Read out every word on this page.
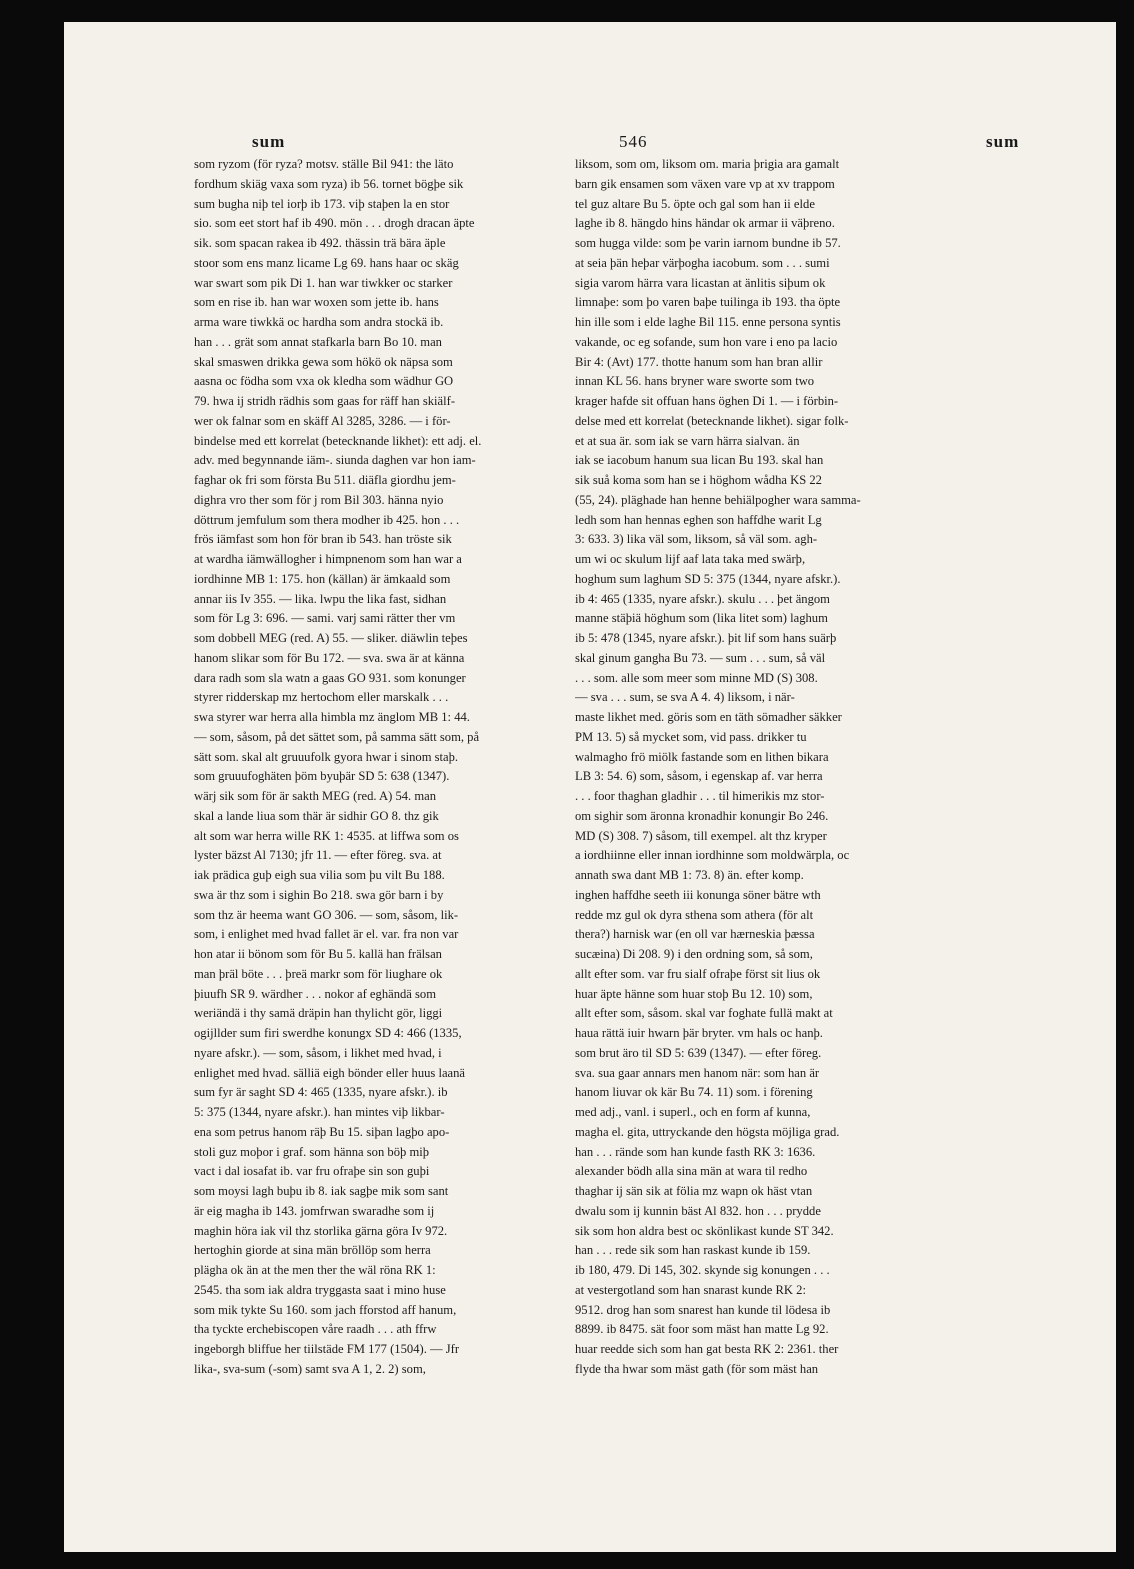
sum	546	sum
som ryzom (för ryza? motsv. ställe Bil 941: the läto
fordhum skiäg vaxa som ryza) ib 56. tornet bögþe sik
sum bugha niþ tel iorþ ib 173. viþ staþen la en stor
sio. som eet stort haf ib 490. mön . . . drogh dracan äpte
sik. som spacan rakea ib 492. thässin trä bära äple
stoor som ens manz licame Lg 69. hans haar oc skäg
war swart som pik Di 1. han war tiwkker oc starker
som en rise ib. han war woxen som jette ib. hans
arma ware tiwkkä oc hardha som andra stockä ib.
han . . . grät som annat stafkarla barn Bo 10. man
skal smaswen drikka gewa som hökö ok näpsa som
aasna oc födha som vxa ok kledha som wädhur GO
79. hwa ij stridh rädhis som gaas for räff han skiälf-
wer ok falnar som en skäff Al 3285, 3286. — i för-
bindelse med ett korrelat (betecknande likhet): ett adj. el.
adv. med begynnande iäm-. siunda daghen var hon iam-
faghar ok fri som första Bu 511. diäfla giordhu jem-
dighra vro ther som för j rom Bil 303. hänna nyio
döttrum jemfulum som thera modher ib 425. hon . . .
frös iämfast som hon för bran ib 543. han tröste sik
at wardha iämwällogher i himpnenom som han war a
iordhinne MB 1: 175. hon (källan) är ämkaald som
annar iis Iv 355. — lika. lwpu the lika fast, sidhan
som för Lg 3: 696. — sami. varj sami rätter ther vm
som dobbell MEG (red. A) 55. — sliker. diäwlin teþes
hanom slikar som för Bu 172. — sva. swa är at känna
dara radh som sla watn a gaas GO 931. som konunger
styrer ridderskap mz hertochom eller marskalk . . .
swa styrer war herra alla himbla mz änglom MB 1: 44.
— som, såsom, på det sättet som, på samma sätt som, på
sätt som. skal alt gruuufolk gyora hwar i sinom staþ.
som gruuufoghäten þöm byuþär SD 5: 638 (1347).
wärj sik som för är sakth MEG (red. A) 54. man
skal a lande liua som thär är sidhir GO 8. thz gik
alt som war herra wille RK 1: 4535. at liffwa som os
lyster bäzst Al 7130; jfr 11. — efter föreg. sva. at
iak prädica guþ eigh sua vilia som þu vilt Bu 188.
swa är thz som i sighin Bo 218. swa gör barn i by
som thz är heema want GO 306. — som, såsom, lik-
som, i enlighet med hvad fallet är el. var. fra non var
hon atar ii bönom som för Bu 5. kallä han frälsan
man þräl böte . . . þreä markr som för liughare ok
þiuufh SR 9. wärdher . . . nokor af eghändä som
weriändä i thy samä dräpin han thylicht gör, liggi
ogijllder sum firi swerdhe konungx SD 4: 466 (1335,
nyare afskr.). — som, såsom, i likhet med hvad, i
enlighet med hvad. sälliä eigh bönder eller huus laanä
sum fyr är saght SD 4: 465 (1335, nyare afskr.). ib
5: 375 (1344, nyare afskr.). han mintes viþ likbar-
ena som petrus hanom räþ Bu 15. siþan lagþo apo-
stoli guz moþor i graf. som hänna son böþ miþ
vact i dal iosafat ib. var fru ofraþe sin son guþi
som moysi lagh buþu ib 8. iak sagþe mik som sant
är eig magha ib 143. jomfrwan swaradhe som ij
maghin höra iak vil thz storlika gärna göra Iv 972.
hertoghin giorde at sina män bröllöp som herra
plägha ok än at the men ther the wäl röna RK 1:
2545. tha som iak aldra tryggasta saat i mino huse
som mik tykte Su 160. som jach fforstod aff hanum,
tha tyckte erchebiscopen våre raadh . . . ath ffrw
ingeborgh bliffue her tiilstäde FM 177 (1504). — Jfr
lika-, sva-sum (-som) samt sva A 1, 2. 2) som,
liksom, som om, liksom om. maria þrigia ara gamalt
barn gik ensamen som växen vare vp at xv trappom
tel guz altare Bu 5. öpte och gal som han ii elde
laghe ib 8. hängdo hins händar ok armar ii väþreno.
som hugga vilde: som þe varin iarnom bundne ib 57.
at seia þän heþar värþogha iacobum. som . . . sumi
sigia varom härra vara licastan at änlitis siþum ok
limnaþe: som þo varen baþe tuilinga ib 193. tha öpte
hin ille som i elde laghe Bil 115. enne persona syntis
vakande, oc eg sofande, sum hon vare i eno pa lacio
Bir 4: (Avt) 177. thotte hanum som han bran allir
innan KL 56. hans bryner ware sworte som two
krager hafde sit offuan hans öghen Di 1. — i förbin-
delse med ett korrelat (betecknande likhet). sigar folk-
et at sua är. som iak se varn härra sialvan. än
iak se iacobum hanum sua lican Bu 193. skal han
sik suå koma som han se i höghom wådha KS 22
(55, 24). pläghade han henne behiälpogher wara samma-
ledh som han hennas eghen son haffdhe warit Lg
3: 633. 3) lika väl som, liksom, så väl som. agh-
um wi oc skulum lijf aaf lata taka med swärþ,
hoghum sum laghum SD 5: 375 (1344, nyare afskr.).
ib 4: 465 (1335, nyare afskr.). skulu . . . þet ängom
manne stäþiä höghum som (lika litet som) laghum
ib 5: 478 (1345, nyare afskr.). þit lif som hans suärþ
skal ginum gangha Bu 73. — sum . . . sum, så väl
. . . som. alle som meer som minne MD (S) 308.
— sva . . . sum, se sva A 4. 4) liksom, i när-
maste likhet med. göris som en täth sömadher säkker
PM 13. 5) så mycket som, vid pass. drikker tu
walmagho frö miölk fastande som en lithen bikara
LB 3: 54. 6) som, såsom, i egenskap af. var herra
. . . foor thaghan gladhir . . . til himerikis mz stor-
om sighir som äronna kronadhir konungir Bo 246.
MD (S) 308. 7) såsom, till exempel. alt thz kryper
a iordhiinne eller innan iordhinne som moldwärpla, oc
annath swa dant MB 1: 73. 8) än. efter komp.
inghen haffdhe seeth iii konunga söner bätre wth
redde mz gul ok dyra sthena som athera (för alt
thera?) harnisk war (en oll var hærneskia þæssa
sucæina) Di 208. 9) i den ordning som, så som,
allt efter som. var fru sialf ofraþe först sit lius ok
huar äpte hänne som huar stoþ Bu 12. 10) som,
allt efter som, såsom. skal var foghate fullä makt at
haua rättä iuir hwarn þär bryter. vm hals oc hanþ.
som brut äro til SD 5: 639 (1347). — efter föreg.
sva. sua gaar annars men hanom när: som han är
hanom liuvar ok kär Bu 74. 11) som. i förening
med adj., vanl. i superl., och en form af kunna,
magha el. gita, uttryckande den högsta möjliga grad.
han . . . rände som han kunde fasth RK 3: 1636.
alexander bödh alla sina män at wara til redho
thaghar ij sän sik at fölia mz wapn ok häst vtan
dwalu som ij kunnin bäst Al 832. hon . . . prydde
sik som hon aldra best oc skönlikast kunde ST 342.
han . . . rede sik som han raskast kunde ib 159.
ib 180, 479. Di 145, 302. skynde sig konungen . . .
at vestergotland som han snarast kunde RK 2:
9512. drog han som snarest han kunde til lödesa ib
8899. ib 8475. sät foor som mäst han matte Lg 92.
huar reedde sich som han gat besta RK 2: 2361. ther
flyde tha hwar som mäst gath (för som mäst han
